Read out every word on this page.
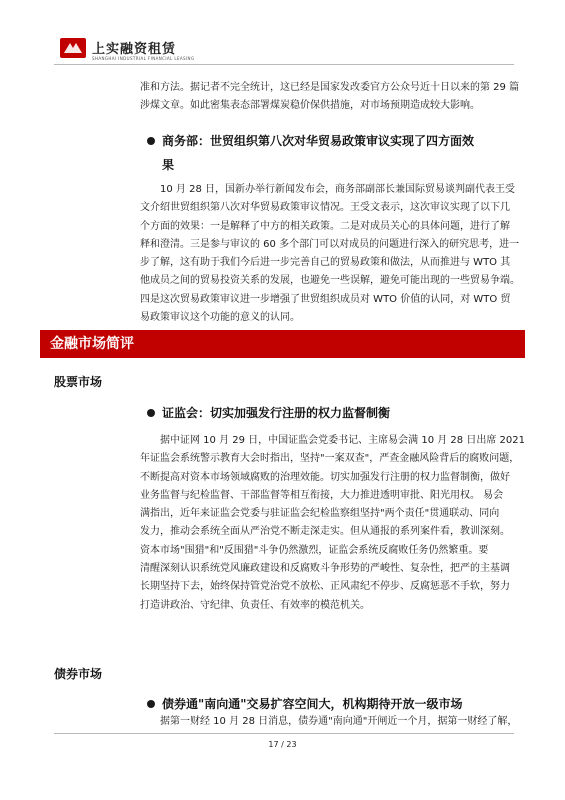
上实融资租赁
SHANGHAI INDUSTRIAL FINANCIAL LEASING
准和方法。据记者不完全统计，这已经是国家发改委官方公众号近十日以来的第 29 篇
涉煤文章。如此密集表态部署煤炭稳价保供措施，对市场预期造成较大影响。
商务部：世贸组织第八次对华贸易政策审议实现了四方面效
果
10 月 28 日，国新办举行新闻发布会，商务部副部长兼国际贸易谈判副代表王受
文介绍世贸组织第八次对华贸易政策审议情况。王受文表示，这次审议实现了以下几
个方面的效果：一是解释了中方的相关政策。二是对成员关心的具体问题，进行了解
释和澄清。三是参与审议的 60 多个部门可以对成员的问题进行深入的研究思考，进一
步了解，这有助于我们今后进一步完善自己的贸易政策和做法，从而推进与 WTO 其
他成员之间的贸易投资关系的发展，也避免一些误解，避免可能出现的一些贸易争端。
四是这次贸易政策审议进一步增强了世贸组织成员对 WTO 价值的认同，对 WTO 贸
易政策审议这个功能的意义的认同。
金融市场简评
股票市场
证监会：切实加强发行注册的权力监督制衡
据中证网 10 月 29 日，中国证监会党委书记、主席易会满 10 月 28 日出席 2021
年证监会系统警示教育大会时指出，坚持"一案双查"，严查金融风险背后的腐败问题，
不断提高对资本市场领域腐败的治理效能。切实加强发行注册的权力监督制衡，做好
业务监督与纪检监督、干部监督等相互衔接，大力推进透明审批、阳光用权。 易会
满指出，近年来证监会党委与驻证监会纪检监察组坚持"两个责任"贯通联动、同向
发力，推动会系统全面从严治党不断走深走实。但从通报的系列案件看，教训深刻。
资本市场"围猎"和"反围猎"斗争仍然激烈，证监会系统反腐败任务仍然繁重。要
清醒深刻认识系统党风廉政建设和反腐败斗争形势的严峻性、复杂性，把严的主基调
长期坚持下去，始终保持管党治党不放松、正风肃纪不停步、反腐惩恶不手软，努力
打造讲政治、守纪律、负责任、有效率的模范机关。
债券市场
债券通"南向通"交易扩容空间大，机构期待开放一级市场
据第一财经 10 月 28 日消息，债券通"南向通"开闸近一个月，据第一财经了解，
17 / 23
